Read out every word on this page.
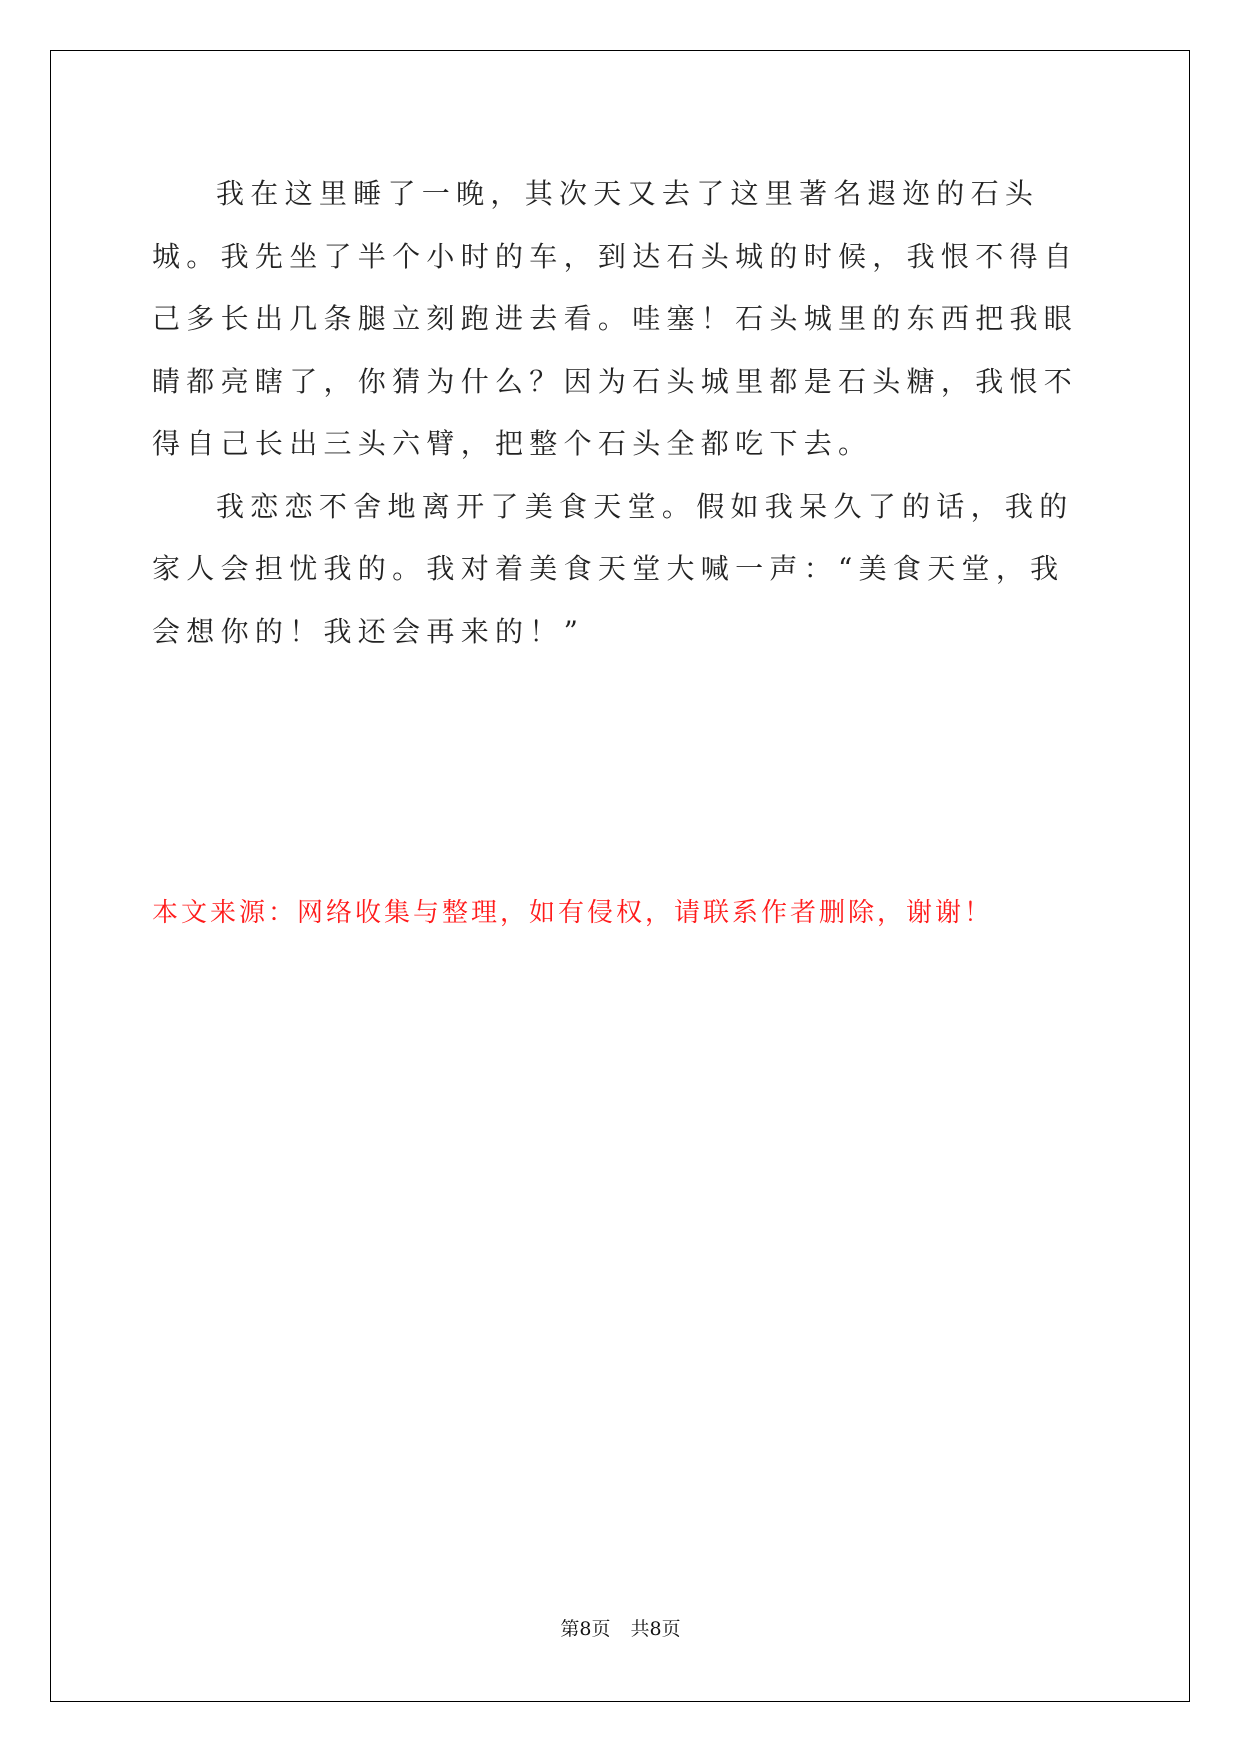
我在这里睡了一晚，其次天又去了这里著名遐迩的石头城。我先坐了半个小时的车，到达石头城的时候，我恨不得自己多长出几条腿立刻跑进去看。哇塞！石头城里的东西把我眼睛都亮瞎了，你猜为什么？因为石头城里都是石头糖，我恨不得自己长出三头六臂，把整个石头全都吃下去。

我恋恋不舍地离开了美食天堂。假如我呆久了的话，我的家人会担忧我的。我对着美食天堂大喊一声：“美食天堂，我会想你的！我还会再来的！”

本文来源：网络收集与整理，如有侵权，请联系作者删除，谢谢！
第8页 共8页
